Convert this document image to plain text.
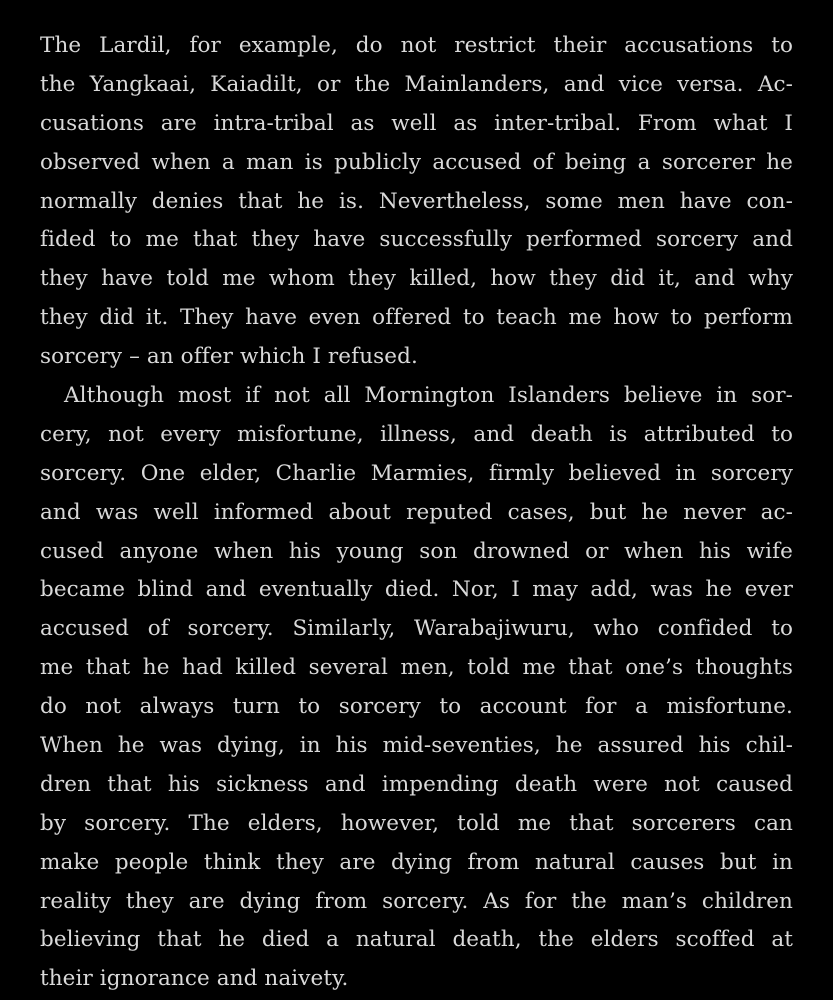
The Lardil, for example, do not restrict their accusations to
the Yangkaai, Kaiadilt, or the Mainlanders, and vice versa. Ac-
cusations are intra-tribal as well as inter-tribal. From what I
observed when a man is publicly accused of being a sorcerer he
normally denies that he is. Nevertheless, some men have con-
fided to me that they have successfully performed sorcery and
they have told me whom they killed, how they did it, and why
they did it. They have even offered to teach me how to perform
sorcery – an offer which I refused.
Although most if not all Mornington Islanders believe in sor-
cery, not every misfortune, illness, and death is attributed to
sorcery. One elder, Charlie Marmies, firmly believed in sorcery
and was well informed about reputed cases, but he never ac-
cused anyone when his young son drowned or when his wife
became blind and eventually died. Nor, I may add, was he ever
accused of sorcery. Similarly, Warabajiwuru, who confided to
me that he had killed several men, told me that one’s thoughts
do not always turn to sorcery to account for a misfortune.
When he was dying, in his mid-seventies, he assured his chil-
dren that his sickness and impending death were not caused
by sorcery. The elders, however, told me that sorcerers can
make people think they are dying from natural causes but in
reality they are dying from sorcery. As for the man’s children
believing that he died a natural death, the elders scoffed at
their ignorance and naivety.
